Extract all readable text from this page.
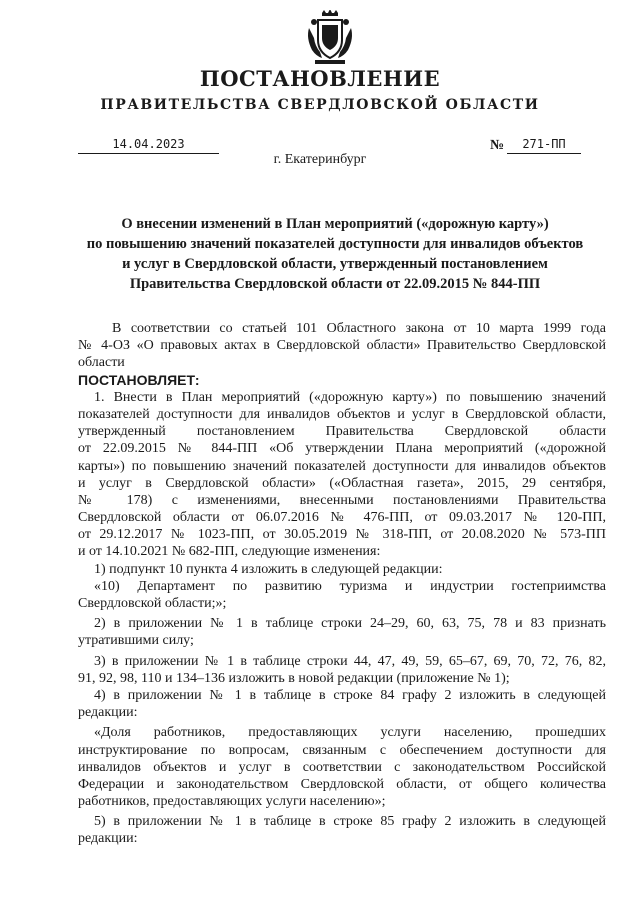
ПОСТАНОВЛЕНИЕ
ПРАВИТЕЛЬСТВА СВЕРДЛОВСКОЙ ОБЛАСТИ
14.04.2023	№	271-ПП
г. Екатеринбург
О внесении изменений в План мероприятий («дорожную карту»)
по повышению значений показателей доступности для инвалидов объектов
и услуг в Свердловской области, утвержденный постановлением
Правительства Свердловской области от 22.09.2015 № 844-ПП
В соответствии со статьей 101 Областного закона от 10 марта 1999 года
№ 4-ОЗ «О правовых актах в Свердловской области» Правительство Свердловской
области
ПОСТАНОВЛЯЕТ:
1. Внести в План мероприятий («дорожную карту») по повышению значений
показателей доступности для инвалидов объектов и услуг в Свердловской области,
утвержденный постановлением Правительства Свердловской области
от 22.09.2015 № 844-ПП «Об утверждении Плана мероприятий («дорожной
карты») по повышению значений показателей доступности для инвалидов объектов
и услуг в Свердловской области» («Областная газета», 2015, 29 сентября,
№ 178) с изменениями, внесенными постановлениями Правительства
Свердловской области от 06.07.2016 № 476-ПП, от 09.03.2017 № 120-ПП,
от 29.12.2017 № 1023-ПП, от 30.05.2019 № 318-ПП, от 20.08.2020 № 573-ПП
и от 14.10.2021 № 682-ПП, следующие изменения:
1) подпункт 10 пункта 4 изложить в следующей редакции:
«10) Департамент по развитию туризма и индустрии гостеприимства
Свердловской области;»;
2) в приложении № 1 в таблице строки 24–29, 60, 63, 75, 78 и 83 признать
утратившими силу;
3) в приложении № 1 в таблице строки 44, 47, 49, 59, 65–67, 69, 70, 72, 76, 82,
91, 92, 98, 110 и 134–136 изложить в новой редакции (приложение № 1);
4) в приложении № 1 в таблице в строке 84 графу 2 изложить в следующей
редакции:
«Доля работников, предоставляющих услуги населению, прошедших
инструктирование по вопросам, связанным с обеспечением доступности для
инвалидов объектов и услуг в соответствии с законодательством Российской
Федерации и законодательством Свердловской области, от общего количества
работников, предоставляющих услуги населению»;
5) в приложении № 1 в таблице в строке 85 графу 2 изложить в следующей
редакции:
